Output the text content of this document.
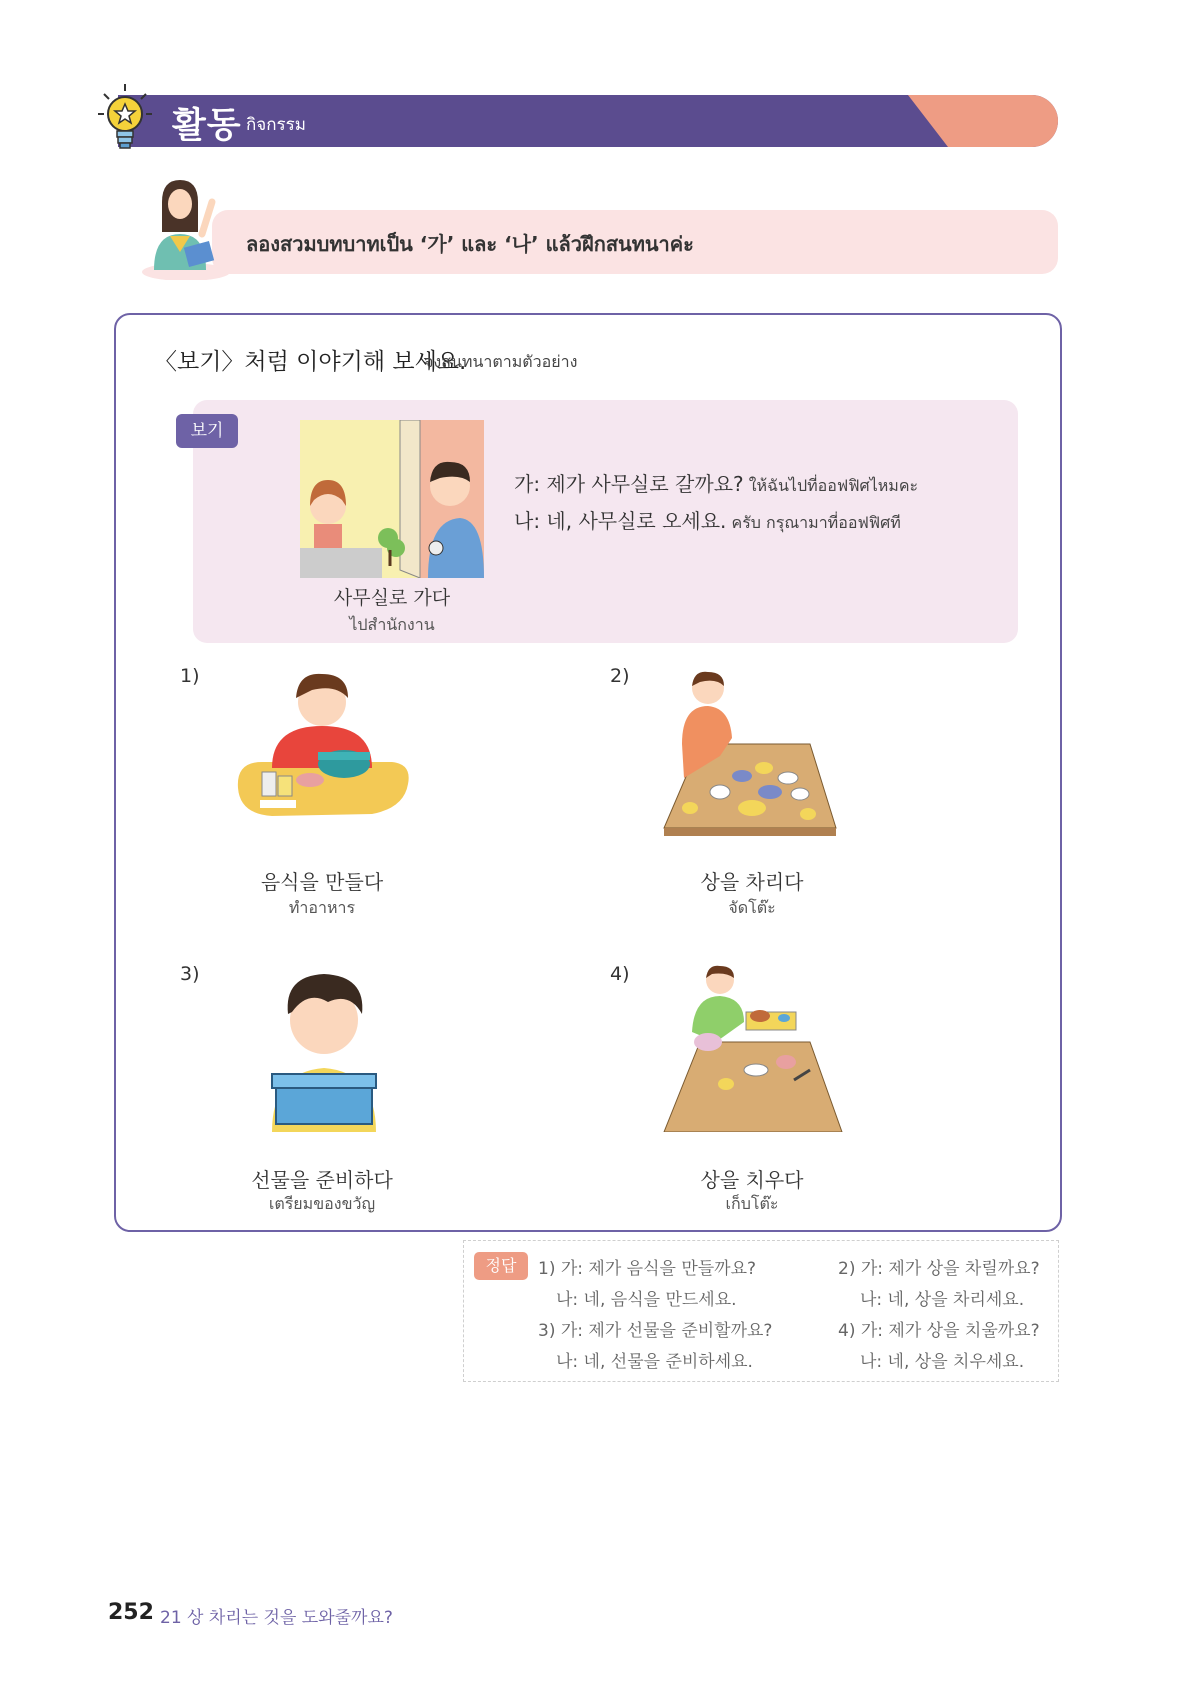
활동 กิจกรรม
ลองสวมบทบาทเป็น ‘가’ และ ‘나’ แล้วฝึกสนทนาค่ะ
〈보기〉처럼 이야기해 보세요.
จงสนทนาตามตัวอย่าง
보기
사무실로 가다
ไปสำนักงาน
가: 제가 사무실로 갈까요? ให้ฉันไปที่ออฟฟิศไหมคะ
나: 네, 사무실로 오세요. ครับ กรุณามาที่ออฟฟิศที
1)
음식을 만들다
ทำอาหาร
2)
상을 차리다
จัดโต๊ะ
3)
선물을 준비하다
เตรียมของขวัญ
4)
상을 치우다
เก็บโต๊ะ
정답	1) 가: 제가 음식을 만들까요?
나: 네, 음식을 만드세요.
2) 가: 제가 상을 차릴까요?
나: 네, 상을 차리세요.
3) 가: 제가 선물을 준비할까요?
나: 네, 선물을 준비하세요.
4) 가: 제가 상을 치울까요?
나: 네, 상을 치우세요.
252 21 상 차리는 것을 도와줄까요?
